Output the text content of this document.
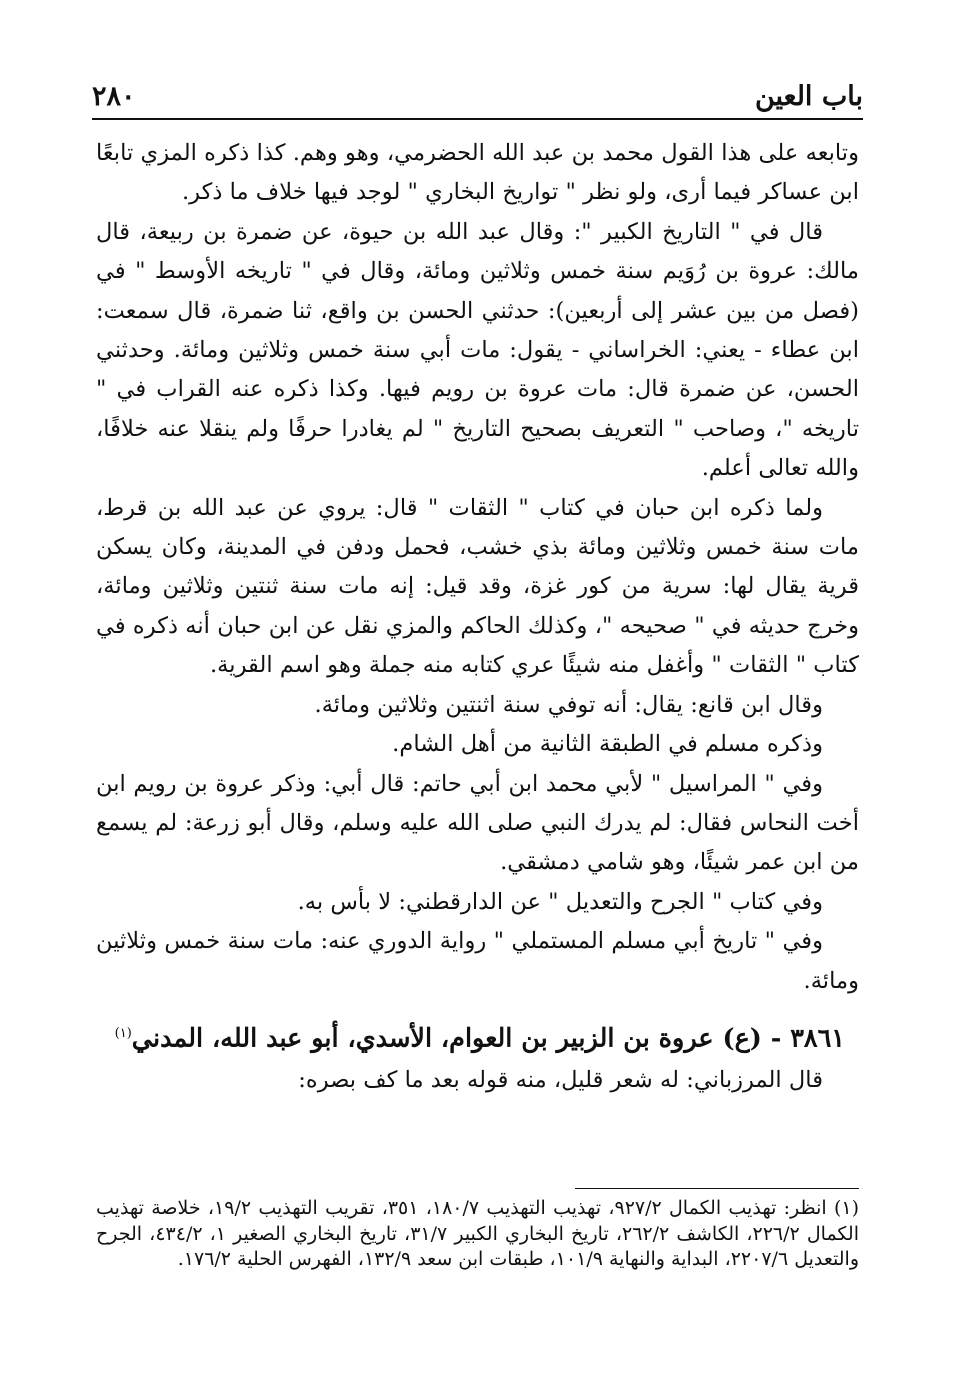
باب العين
٢٨٠

وتابعه على هذا القول محمد بن عبد الله الحضرمي، وهو وهم. كذا ذكره المزي تابعًا ابن عساكر فيما أرى، ولو نظر " تواريخ البخاري " لوجد فيها خلاف ما ذكر.

قال في " التاريخ الكبير ": وقال عبد الله بن حيوة، عن ضمرة بن ربيعة، قال مالك: عروة بن رُوَيم سنة خمس وثلاثين ومائة، وقال في " تاريخه الأوسط " في (فصل من بين عشر إلى أربعين): حدثني الحسن بن واقع، ثنا ضمرة، قال سمعت: ابن عطاء - يعني: الخراساني - يقول: مات أبي سنة خمس وثلاثين ومائة. وحدثني الحسن، عن ضمرة قال: مات عروة بن رويم فيها. وكذا ذكره عنه القراب في " تاريخه "، وصاحب " التعريف بصحيح التاريخ " لم يغادرا حرفًا ولم ينقلا عنه خلافًا، والله تعالى أعلم.

ولما ذكره ابن حبان في كتاب " الثقات " قال: يروي عن عبد الله بن قرط، مات سنة خمس وثلاثين ومائة بذي خشب، فحمل ودفن في المدينة، وكان يسكن قرية يقال لها: سرية من كور غزة، وقد قيل: إنه مات سنة ثنتين وثلاثين ومائة، وخرج حديثه في " صحيحه "، وكذلك الحاكم والمزي نقل عن ابن حبان أنه ذكره في كتاب " الثقات " وأغفل منه شيئًا عري كتابه منه جملة وهو اسم القرية.

وقال ابن قانع: يقال: أنه توفي سنة اثنتين وثلاثين ومائة.

وذكره مسلم في الطبقة الثانية من أهل الشام.

وفي " المراسيل " لأبي محمد ابن أبي حاتم: قال أبي: وذكر عروة بن رويم ابن أخت النحاس فقال: لم يدرك النبي صلى الله عليه وسلم، وقال أبو زرعة: لم يسمع من ابن عمر شيئًا، وهو شامي دمشقي.

وفي كتاب " الجرح والتعديل " عن الدارقطني: لا بأس به.

وفي " تاريخ أبي مسلم المستملي " رواية الدوري عنه: مات سنة خمس وثلاثين ومائة.

٣٨٦١ - (ع) عروة بن الزبير بن العوام، الأسدي، أبو عبد الله، المدني$^{(١)}$

قال المرزباني: له شعر قليل، منه قوله بعد ما كف بصره:

(١) انظر: تهذيب الكمال ٩٢٧/٢، تهذيب التهذيب ١٨٠/٧، ٣٥١، تقريب التهذيب ١٩/٢، خلاصة تهذيب الكمال ٢٢٦/٢، الكاشف ٢٦٢/٢، تاريخ البخاري الكبير ٣١/٧، تاريخ البخاري الصغير ١، ٤٣٤/٢، الجرح والتعديل ٢٢٠٧/٦، البداية والنهاية ١٠١/٩، طبقات ابن سعد ١٣٢/٩، الفهرس الحلية ١٧٦/٢.
